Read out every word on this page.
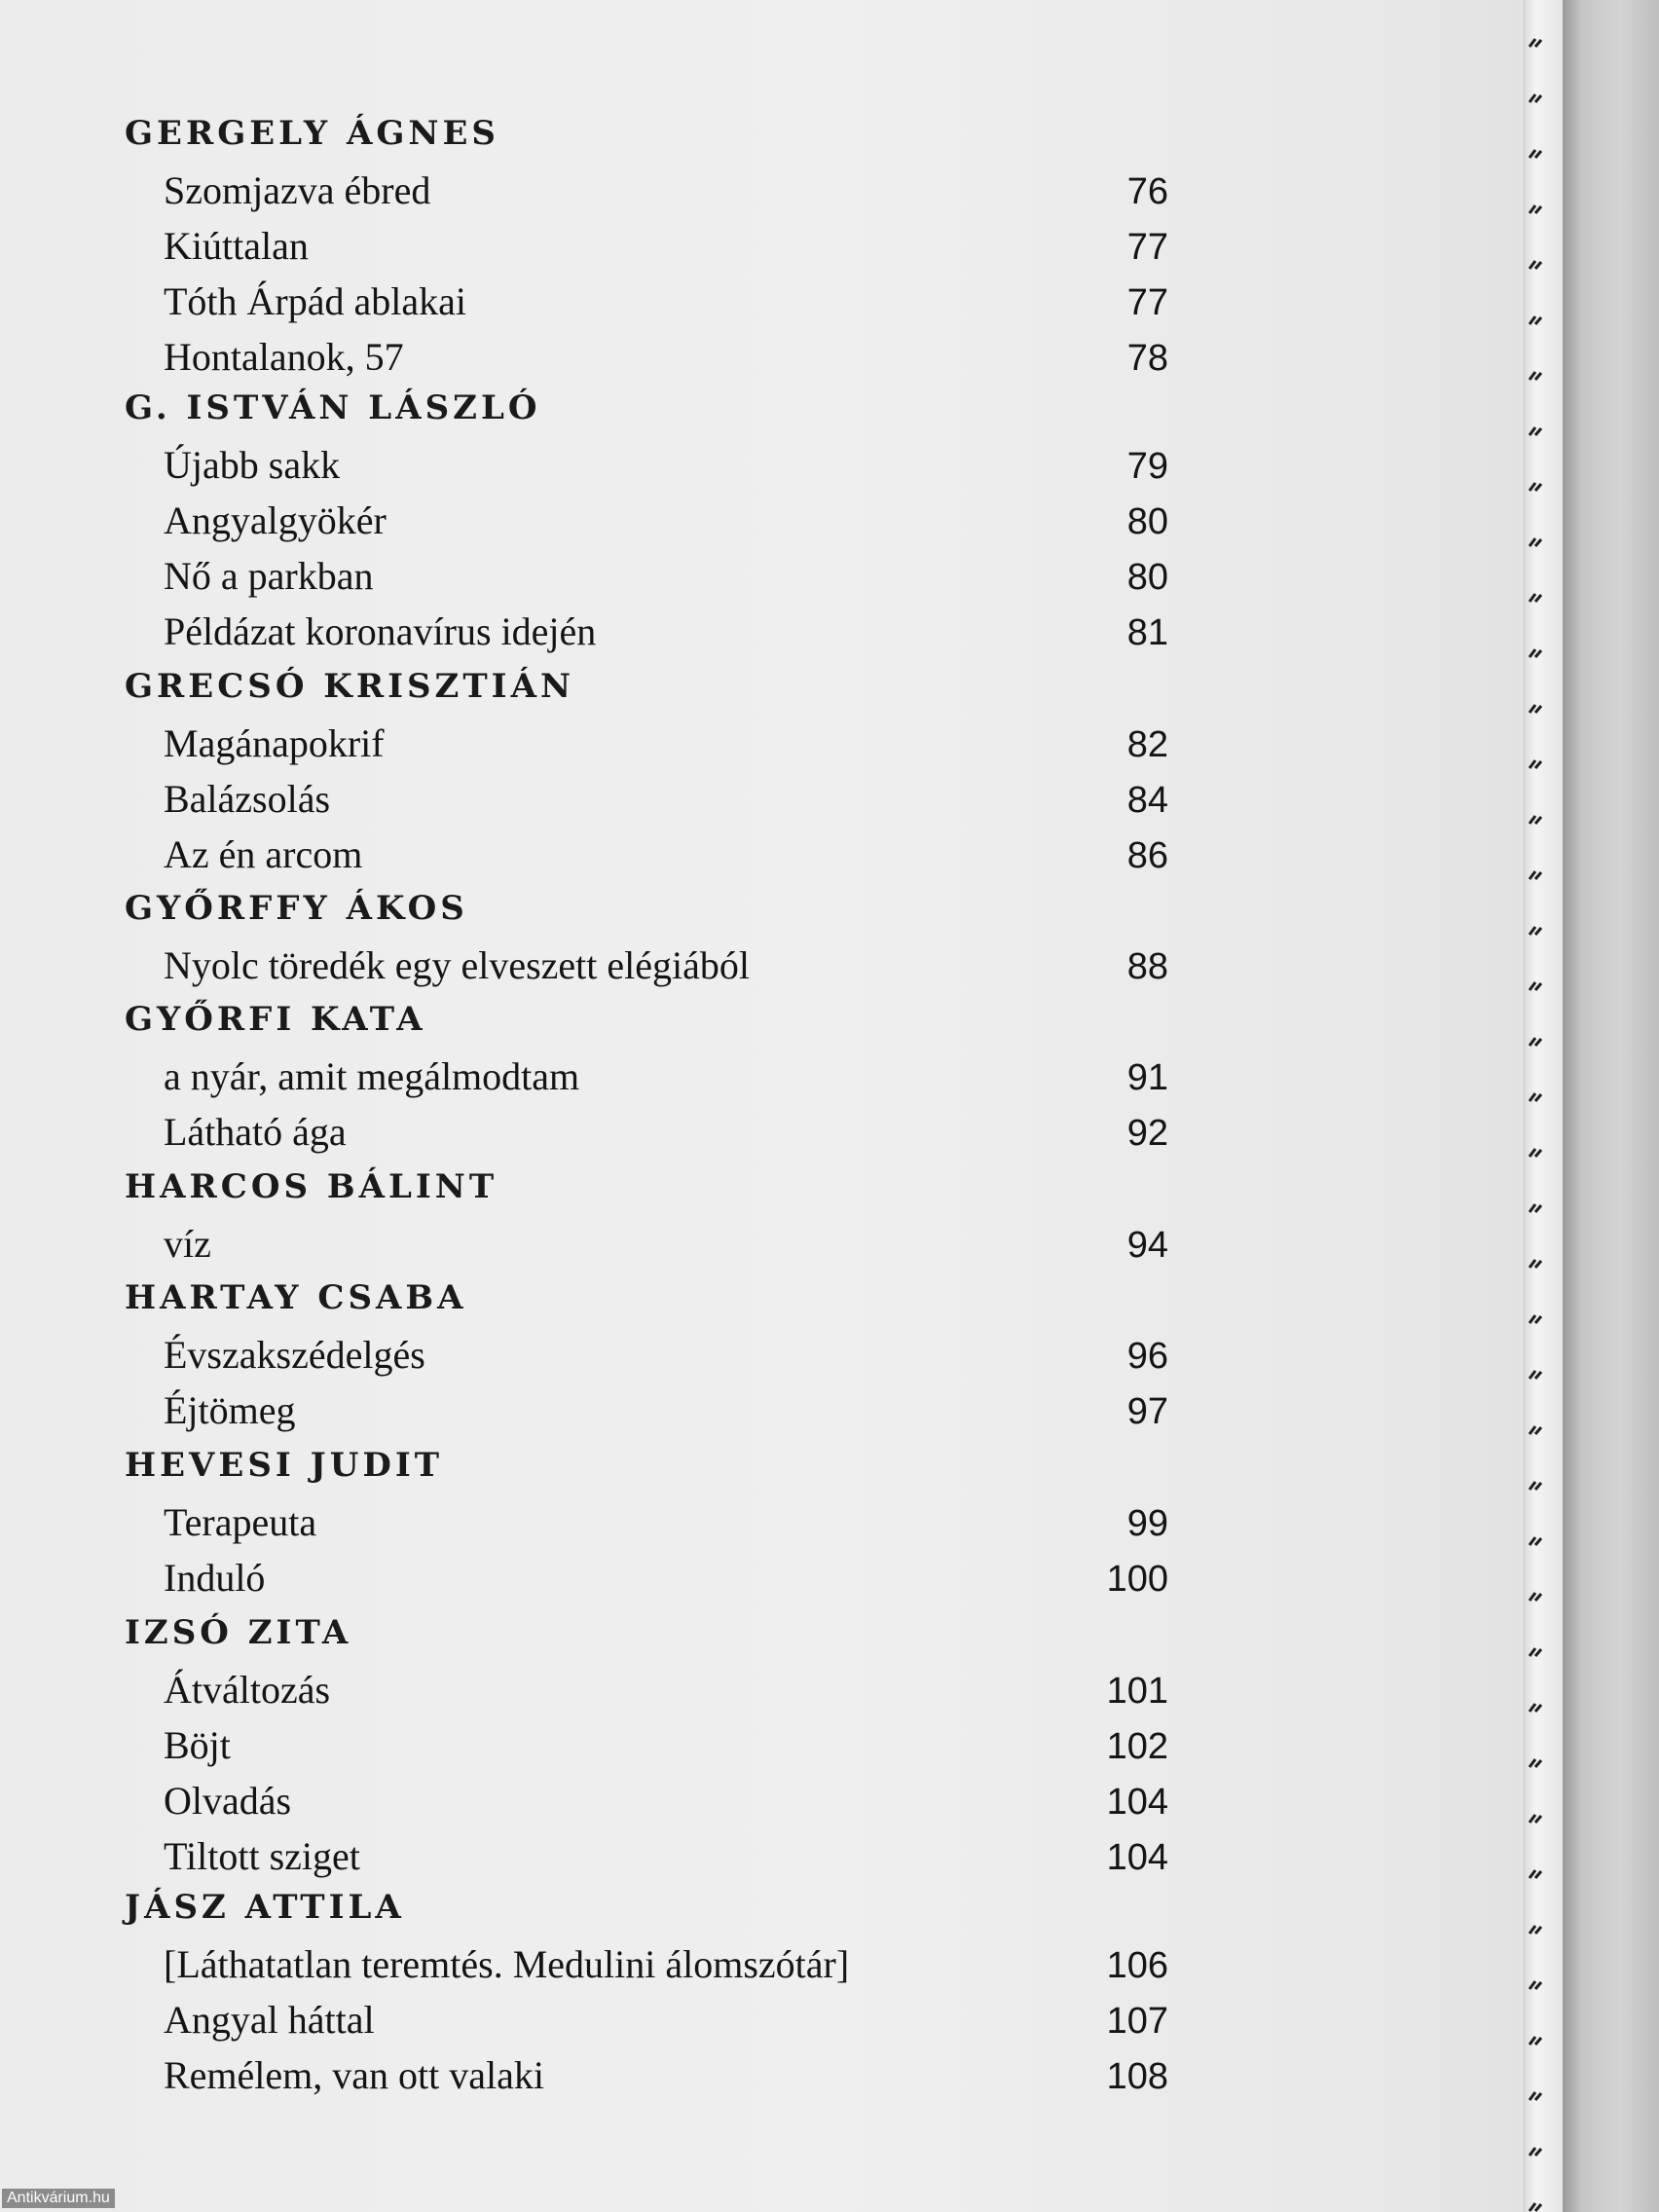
GERGELY ÁGNES
Szomjazva ébred	76
Kiúttalan	77
Tóth Árpád ablakai	77
Hontalanok, 57	78
G. ISTVÁN LÁSZLÓ
Újabb sakk	79
Angyalgyökér	80
Nő a parkban	80
Példázat koronavírus idején	81
GRECSÓ KRISZTIÁN
Magánapokrif	82
Balázsolás	84
Az én arcom	86
GYŐRFFY ÁKOS
Nyolc töredék egy elveszett elégiából	88
GYŐRFI KATA
a nyár, amit megálmodtam	91
Látható ága	92
HARCOS BÁLINT
víz	94
HARTAY CSABA
Évszakszédelgés	96
Éjtömeg	97
HEVESI JUDIT
Terapeuta	99
Induló	100
IZSÓ ZITA
Átváltozás	101
Böjt	102
Olvadás	104
Tiltott sziget	104
JÁSZ ATTILA
[Láthatatlan teremtés. Medulini álomszótár]	106
Angyal háttal	107
Remélem, van ott valaki	108
Antikvárium.hu
